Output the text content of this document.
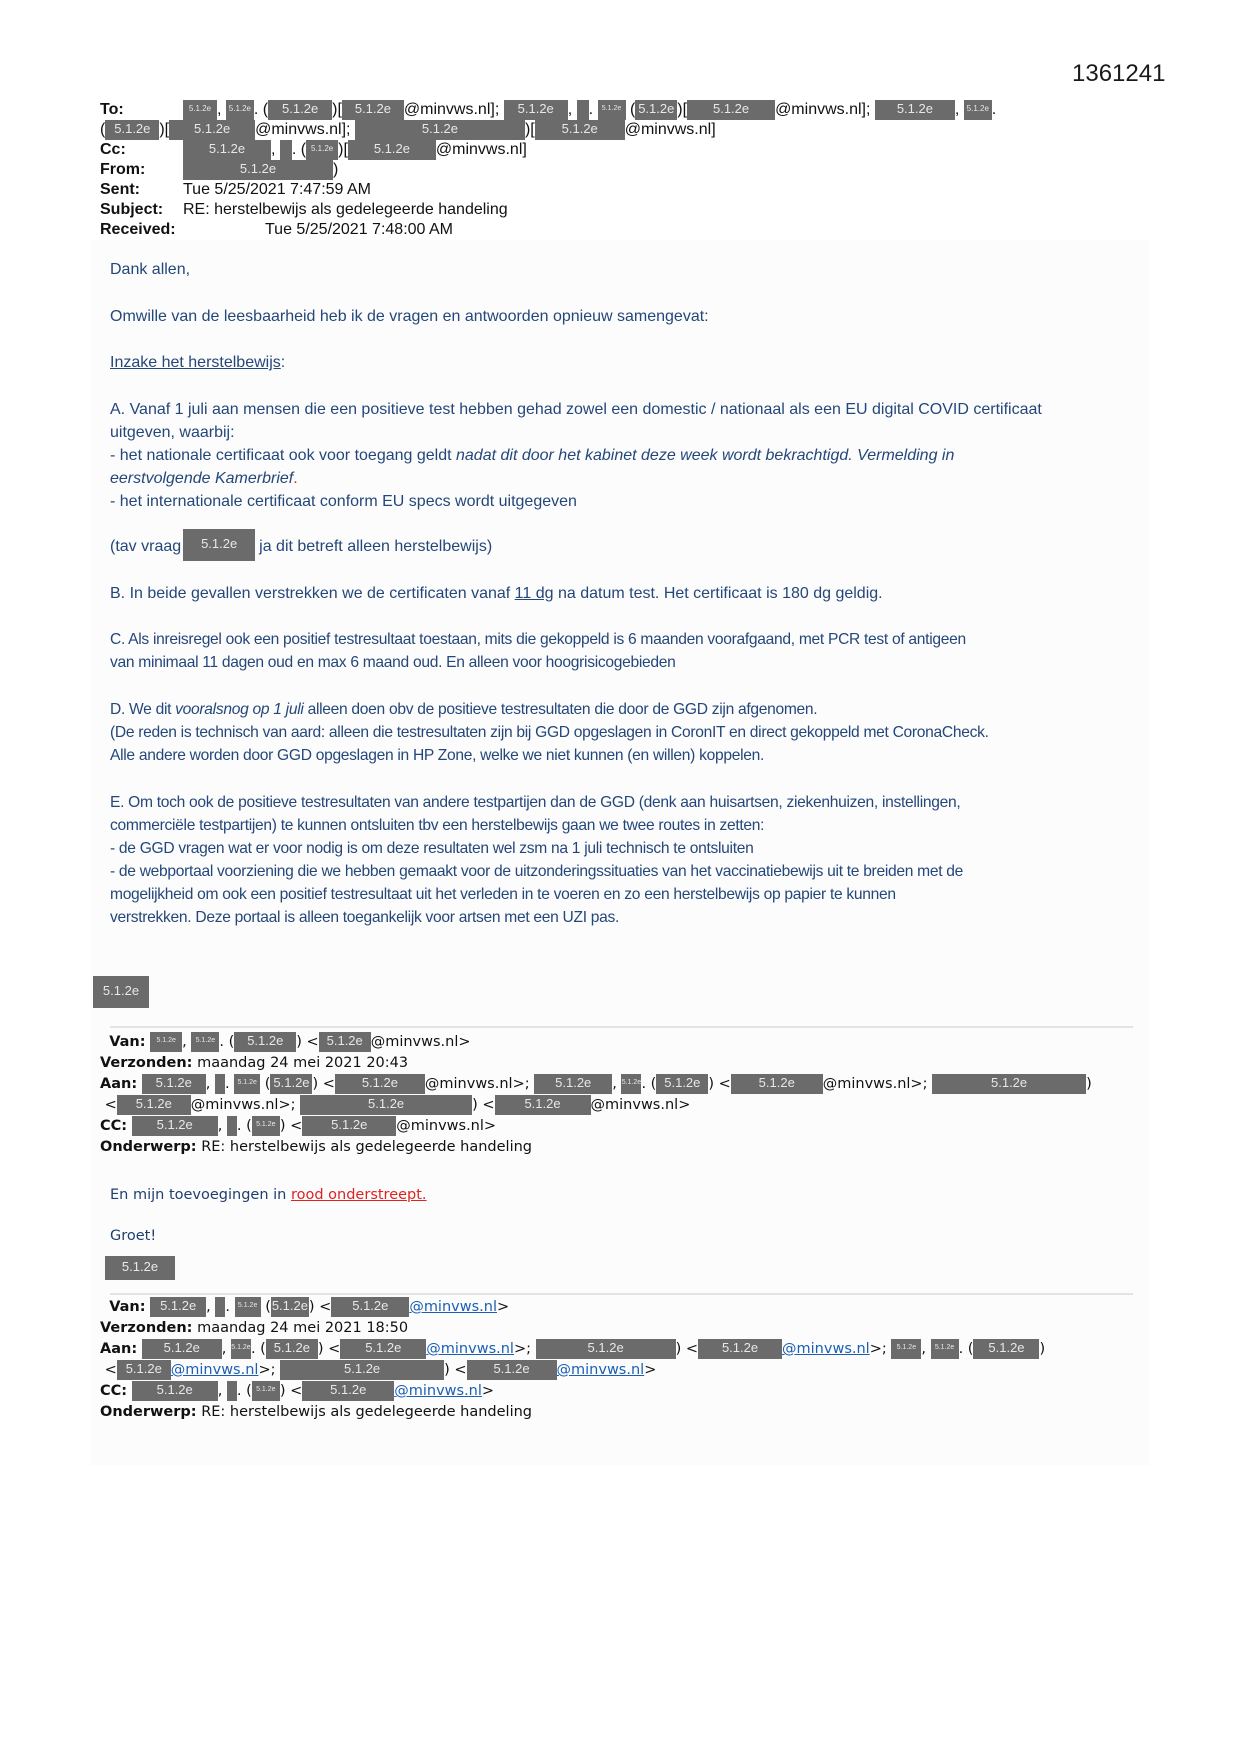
1361241
To:	5.1.2e , 5.1.2e . ( 5.1.2e )[ 5.1.2e @minvws.nl]; 5.1.2e , . 5.1.2e ( 5.1.2e )[ 5.1.2e @minvws.nl]; 5.1.2e , 5.1.2e .
( 5.1.2e )[ 5.1.2e @minvws.nl];	5.1.2e	)[ 5.1.2e @minvws.nl]
Cc:	5.1.2e , . ( 5.1.2e )[ 5.1.2e @minvws.nl]
From:	5.1.2e	)
Sent:	Tue 5/25/2021 7:47:59 AM
Subject: RE: herstelbewijs als gedelegeerde handeling
Received:	Tue 5/25/2021 7:48:00 AM
Dank allen,
Omwille van de leesbaarheid heb ik de vragen en antwoorden opnieuw samengevat:
Inzake het herstelbewijs:
A. Vanaf 1 juli aan mensen die een positieve test hebben gehad zowel een domestic / nationaal als een EU digital COVID certificaat
uitgeven, waarbij:
- het nationale certificaat ook voor toegang geldt nadat dit door het kabinet deze week wordt bekrachtigd. Vermelding in
eerstvolgende Kamerbrief.
- het internationale certificaat conform EU specs wordt uitgegeven
(tav vraag 5.1.2e ja dit betreft alleen herstelbewijs)
B. In beide gevallen verstrekken we de certificaten vanaf 11 dg na datum test. Het certificaat is 180 dg geldig.
C. Als inreisregel ook een positief testresultaat toestaan, mits die gekoppeld is 6 maanden voorafgaand, met PCR test of antigeen
van minimaal 11 dagen oud en max 6 maand oud. En alleen voor hoogrisicogebieden
D. We dit vooralsnog op 1 juli alleen doen obv de positieve testresultaten die door de GGD zijn afgenomen.
(De reden is technisch van aard: alleen die testresultaten zijn bij GGD opgeslagen in CoronIT en direct gekoppeld met CoronaCheck.
Alle andere worden door GGD opgeslagen in HP Zone, welke we niet kunnen (en willen) koppelen.
E. Om toch ook de positieve testresultaten van andere testpartijen dan de GGD (denk aan huisartsen, ziekenhuizen, instellingen,
commerciële testpartijen) te kunnen ontsluiten tbv een herstelbewijs gaan we twee routes in zetten:
- de GGD vragen wat er voor nodig is om deze resultaten wel zsm na 1 juli technisch te ontsluiten
- de webportaal voorziening die we hebben gemaakt voor de uitzonderingssituaties van het vaccinatiebewijs uit te breiden met de
mogelijkheid om ook een positief testresultaat uit het verleden in te voeren en zo een herstelbewijs op papier te kunnen
verstrekken. Deze portaal is alleen toegankelijk voor artsen met een UZI pas.
5.1.2e
Van: 5.1.2e , 5.1.2e . ( 5.1.2e ) < 5.1.2e @minvws.nl>
Verzonden: maandag 24 mei 2021 20:43
Aan: 5.1.2e , . 5.1.2e ( 5.1.2e ) < 5.1.2e @minvws.nl>; 5.1.2e , 5.1.2e. ( 5.1.2e ) < 5.1.2e @minvws.nl>;	5.1.2e	)
< 5.1.2e @minvws.nl>;	5.1.2e	) < 5.1.2e @minvws.nl>
CC: 5.1.2e , . ( 5.1.2e ) < 5.1.2e @minvws.nl>
Onderwerp: RE: herstelbewijs als gedelegeerde handeling
En mijn toevoegingen in rood onderstreept.
Groet!
5.1.2e
Van: 5.1.2e , . 5.1.2e (5.1.2e) < 5.1.2e @minvws.nl>
Verzonden: maandag 24 mei 2021 18:50
Aan: 5.1.2e , 5.1.2e. ( 5.1.2e ) < 5.1.2e @minvws.nl>;	5.1.2e	) < 5.1.2e @minvws.nl>; 5.1.2e , 5.1.2e . ( 5.1.2e )
< 5.1.2e @minvws.nl>;	5.1.2e	) < 5.1.2e @minvws.nl>
CC: 5.1.2e , . ( 5.1.2e ) < 5.1.2e @minvws.nl>
Onderwerp: RE: herstelbewijs als gedelegeerde handeling
